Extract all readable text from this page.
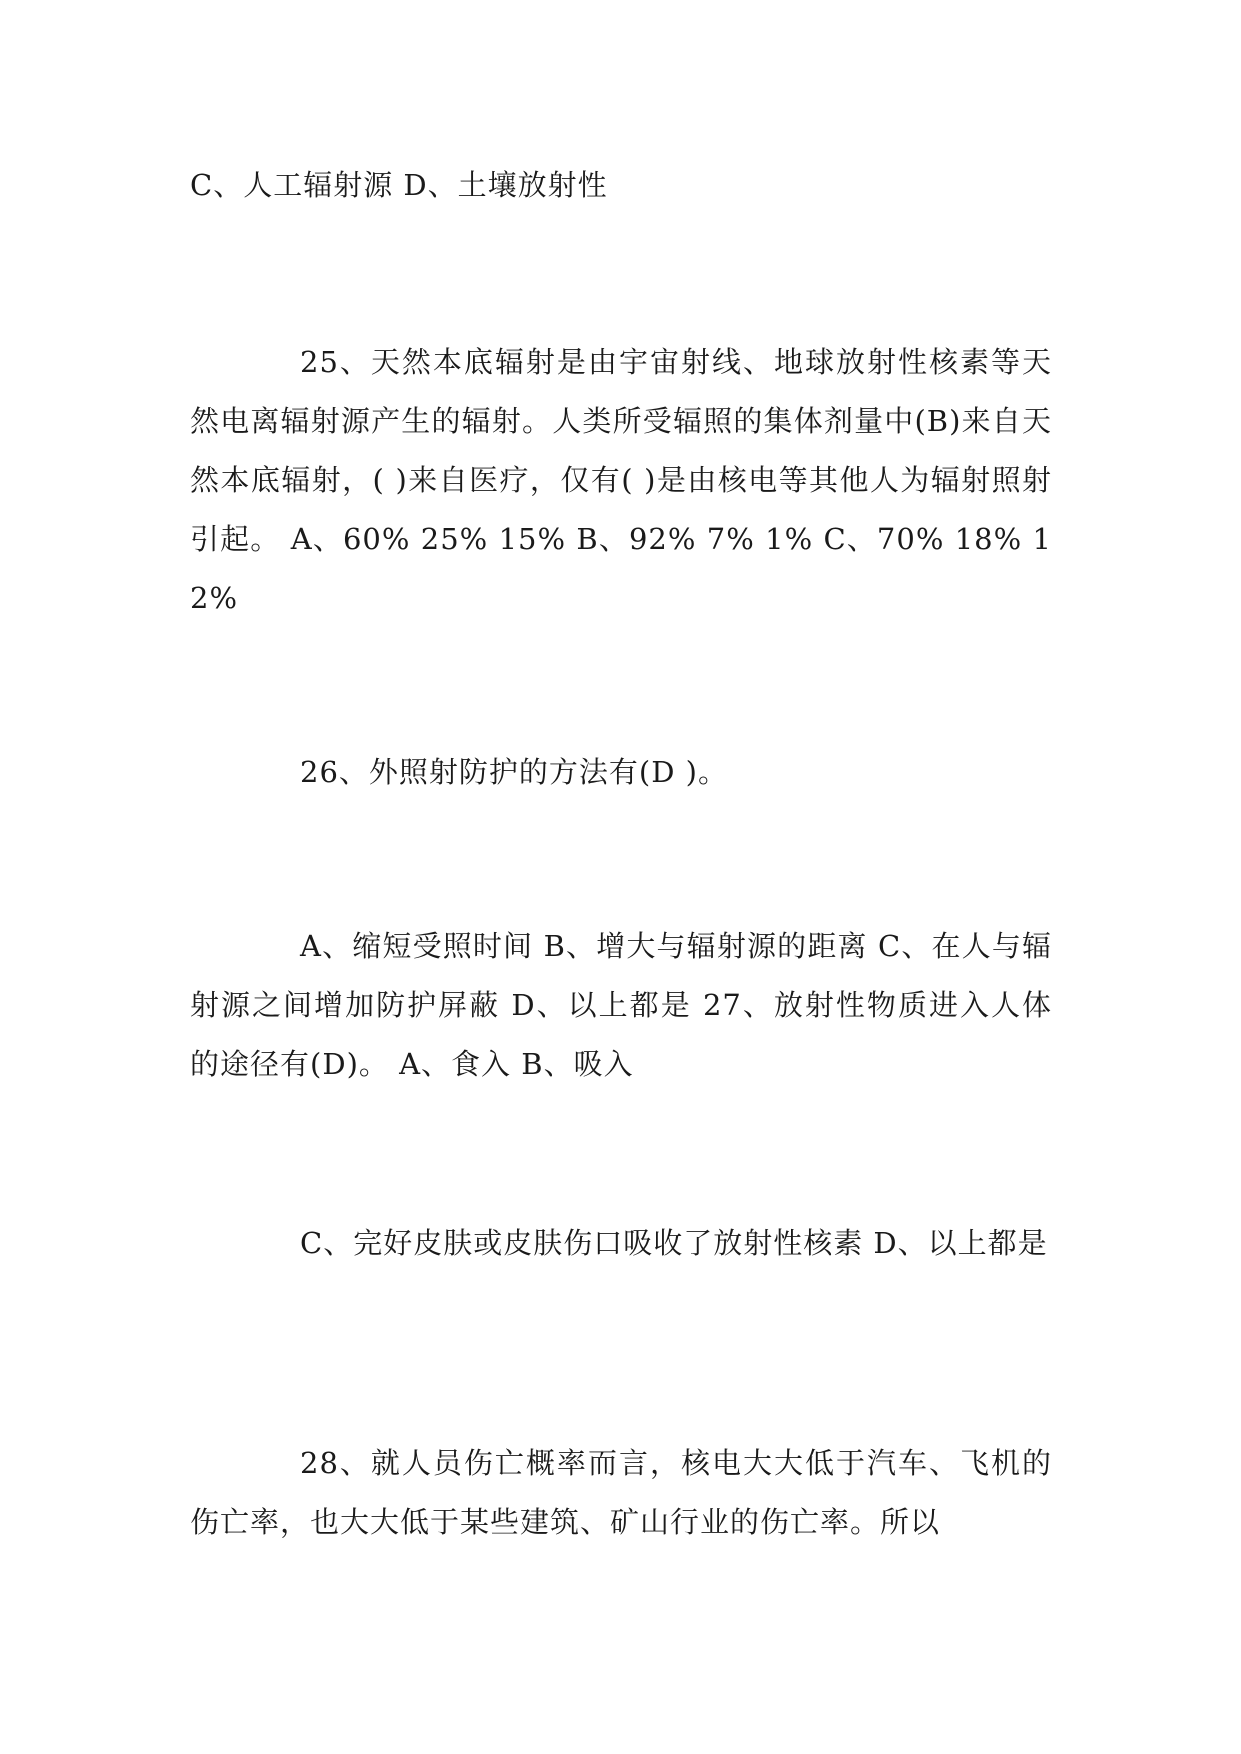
C、人工辐射源 D、土壤放射性

25、天然本底辐射是由宇宙射线、地球放射性核素等天然电离辐射源产生的辐射。人类所受辐照的集体剂量中(B)来自天然本底辐射，( )来自医疗，仅有( )是由核电等其他人为辐射照射引起。 A、60% 25% 15% B、92% 7% 1% C、70% 18% 12%

26、外照射防护的方法有(D )。

A、缩短受照时间 B、增大与辐射源的距离 C、在人与辐射源之间增加防护屏蔽 D、以上都是 27、放射性物质进入人体的途径有(D)。 A、食入 B、吸入

C、完好皮肤或皮肤伤口吸收了放射性核素 D、以上都是

28、就人员伤亡概率而言，核电大大低于汽车、飞机的伤亡率，也大大低于某些建筑、矿山行业的伤亡率。所以
